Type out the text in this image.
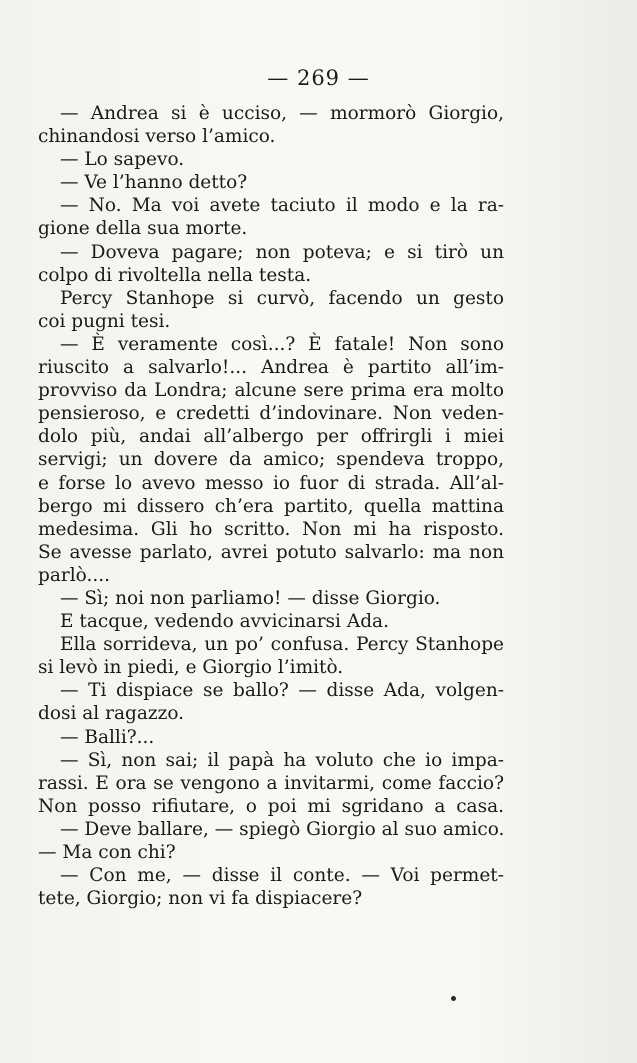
— 269 —
— Andrea si è ucciso, — mormorò Giorgio,
chinandosi verso l’amico.
— Lo sapevo.
— Ve l’hanno detto?
— No. Ma voi avete taciuto il modo e la ra-
gione della sua morte.
— Doveva pagare; non poteva; e si tirò un
colpo di rivoltella nella testa.
Percy Stanhope si curvò, facendo un gesto
coi pugni tesi.
— È veramente così...? È fatale! Non sono
riuscito a salvarlo!... Andrea è partito all’im-
provviso da Londra; alcune sere prima era molto
pensieroso, e credetti d’indovinare. Non veden-
dolo più, andai all’albergo per offrirgli i miei
servigi; un dovere da amico; spendeva troppo,
e forse lo avevo messo io fuor di strada. All’al-
bergo mi dissero ch’era partito, quella mattina
medesima. Gli ho scritto. Non mi ha risposto.
Se avesse parlato, avrei potuto salvarlo: ma non
parlò....
— Sì; noi non parliamo! — disse Giorgio.
E tacque, vedendo avvicinarsi Ada.
Ella sorrideva, un po’ confusa. Percy Stanhope
si levò in piedi, e Giorgio l’imitò.
— Ti dispiace se ballo? — disse Ada, volgen-
dosi al ragazzo.
— Balli?...
— Sì, non sai; il papà ha voluto che io impa-
rassi. E ora se vengono a invitarmi, come faccio?
Non posso rifiutare, o poi mi sgridano a casa.
— Deve ballare, — spiegò Giorgio al suo amico.
— Ma con chi?
— Con me, — disse il conte. — Voi permet-
tete, Giorgio; non vi fa dispiacere?
